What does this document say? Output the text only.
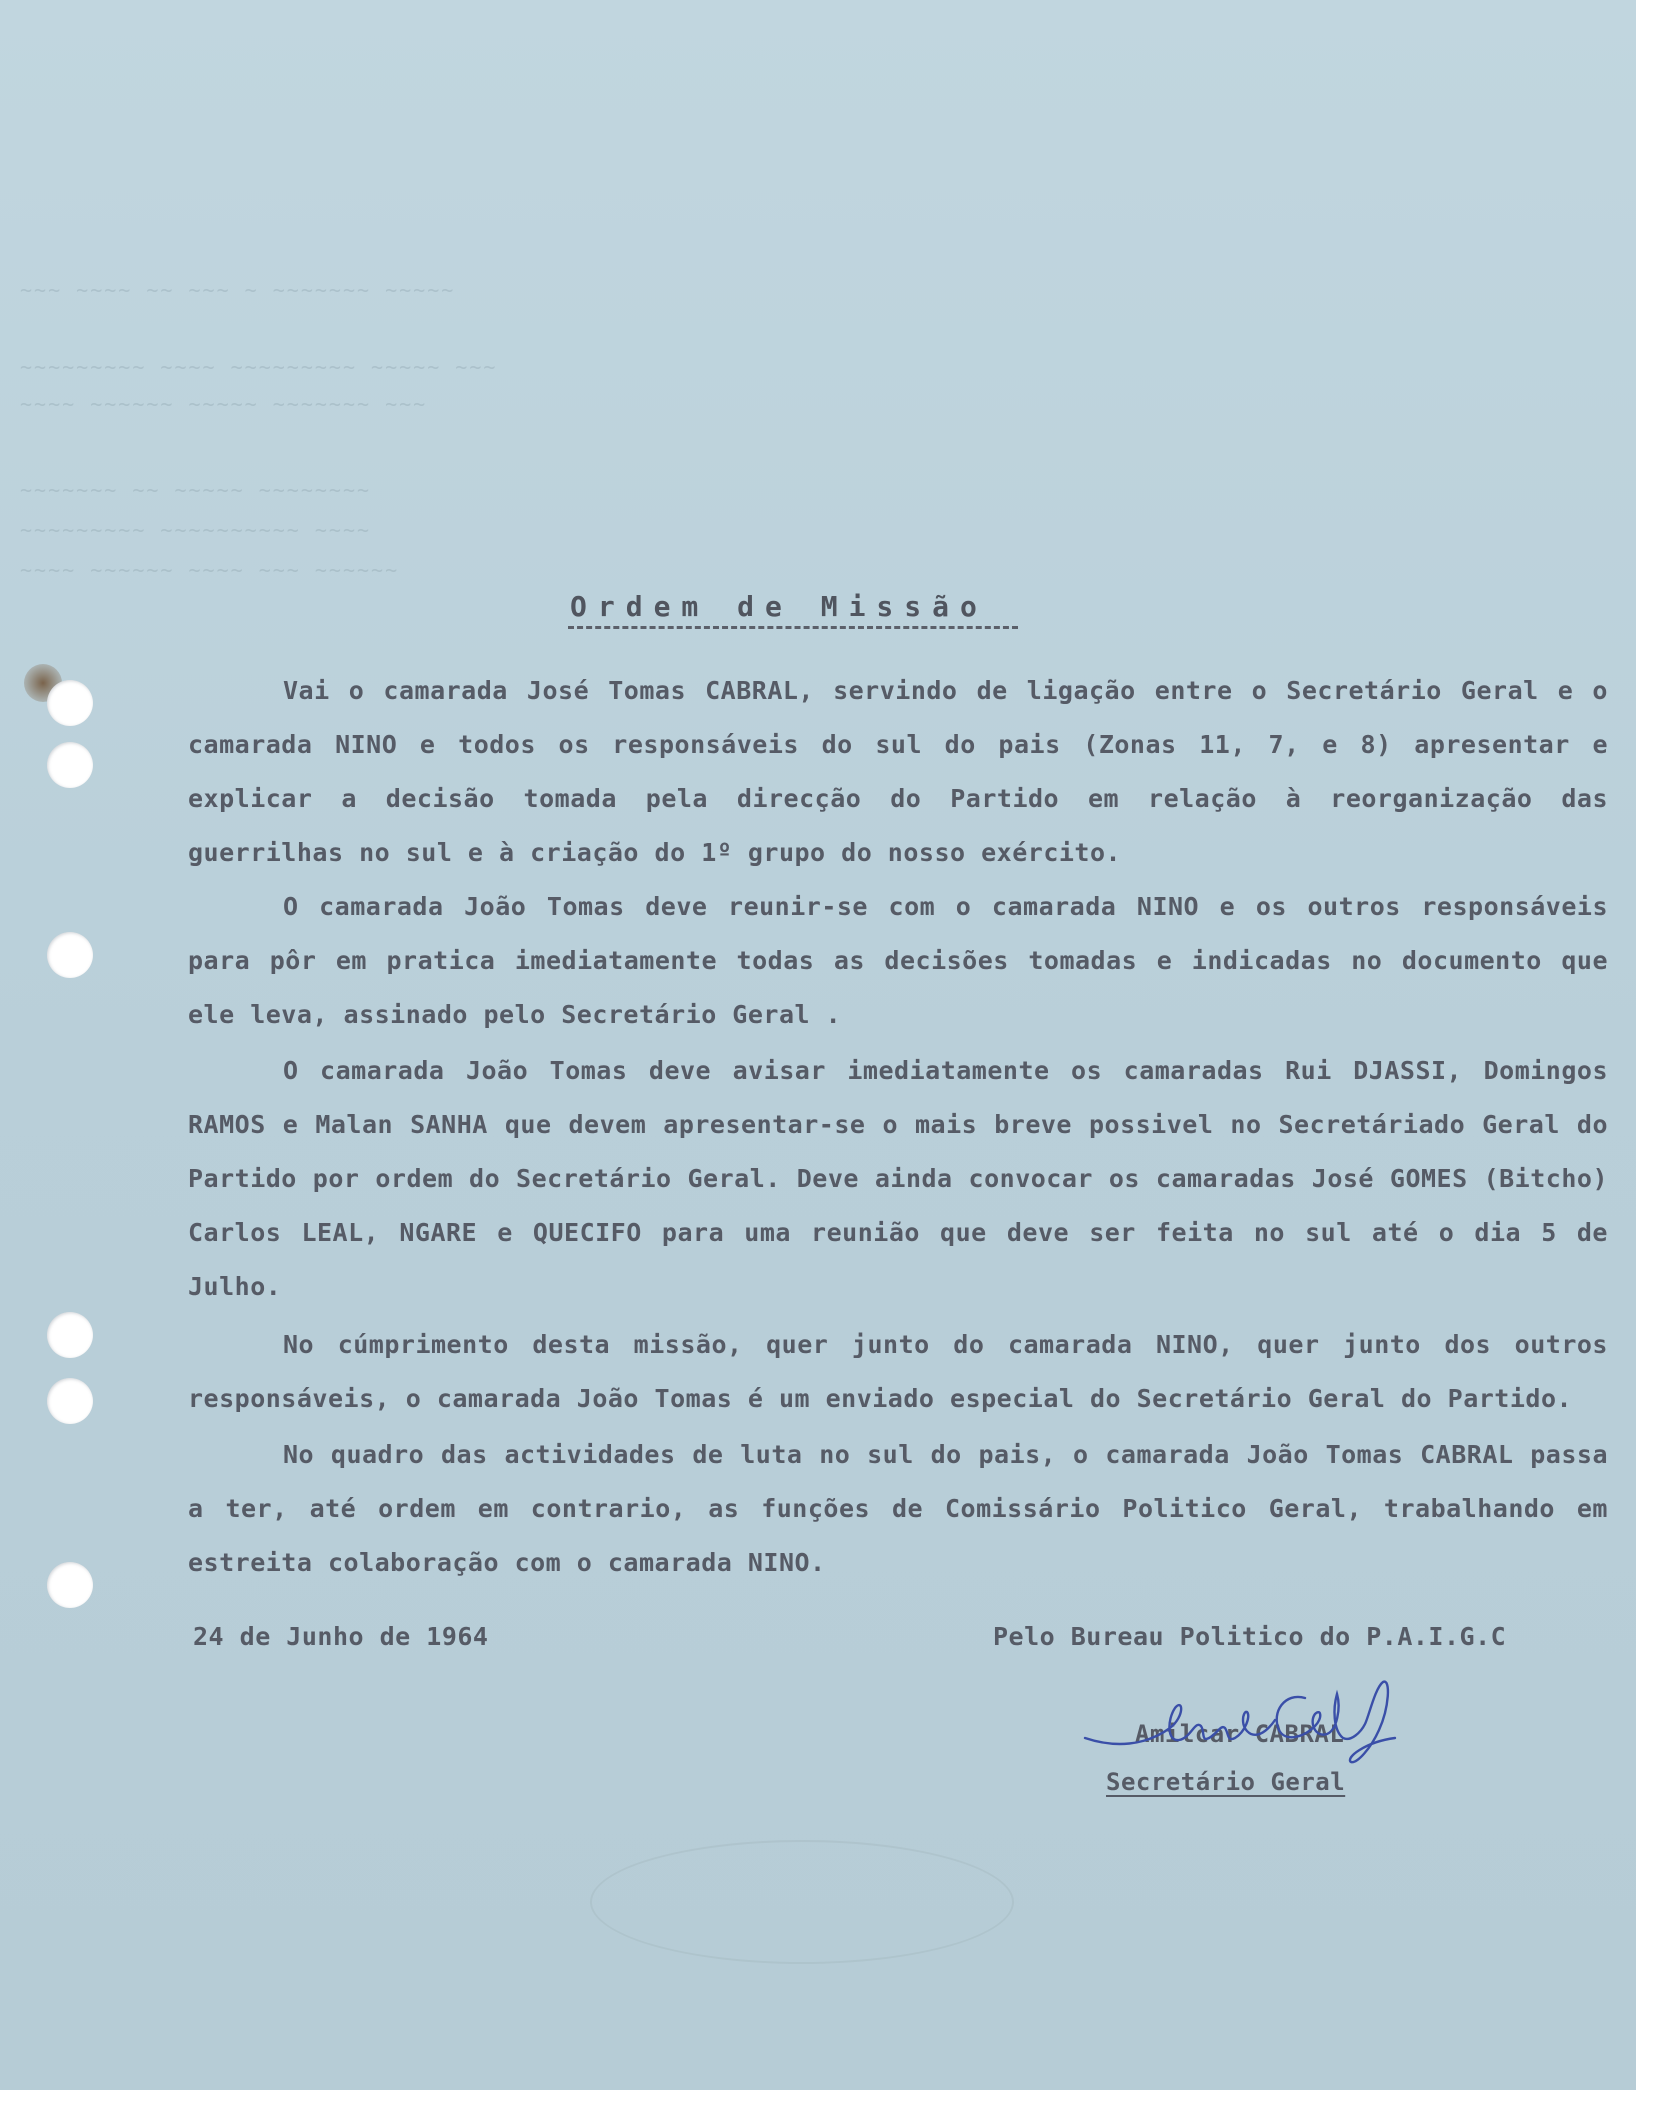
~~~ ~~~~ ~~ ~~~ ~ ~~~~~~~ ~~~~~
~~~~~~~~~ ~~~~ ~~~~~~~~~ ~~~~~ ~~~
~~~~ ~~~~~~ ~~~~~ ~~~~~~~ ~~~
~~~~~~~ ~~ ~~~~~ ~~~~~~~~
~~~~~~~~~ ~~~~~~~~~~ ~~~~
~~~~ ~~~~~~ ~~~~ ~~~ ~~~~~~
Ordem de Missão
Vai o camarada José Tomas CABRAL, servindo de ligação entre o Secretário Geral e o camarada NINO e todos os responsáveis do sul do pais (Zonas 11, 7, e 8) apresentar e explicar a decisão tomada pela direcção do Partido em relação à reorganização das guerrilhas no sul e à criação do 1º grupo do nosso exército.
O camarada João Tomas deve reunir-se com o camarada NINO e os outros responsáveis para pôr em pratica imediatamente todas as decisões tomadas e indicadas no documento que ele leva, assinado pelo Secretário Geral .
O camarada João Tomas deve avisar imediatamente os camaradas Rui DJASSI, Domingos RAMOS e Malan SANHA que devem apresentar-se o mais breve possivel no Secretáriado Geral do Partido por ordem do Secretário Geral. Deve ainda convocar os camaradas José GOMES (Bitcho) Carlos LEAL, NGARE e QUECIFO para uma reunião que deve ser feita no sul até o dia 5 de Julho.
No cúmprimento desta missão, quer junto do camarada NINO, quer junto dos outros responsáveis, o camarada João Tomas é um enviado especial do Secretário Geral do Partido.
No quadro das actividades de luta no sul do pais, o camarada João Tomas CABRAL passa a ter, até ordem em contrario, as funções de Comissário Politico Geral, trabalhando em estreita colaboração com o camarada NINO.
24 de Junho de 1964	Pelo Bureau Politico do P.A.I.G.C
Amilcar CABRAL
Secretário Geral
